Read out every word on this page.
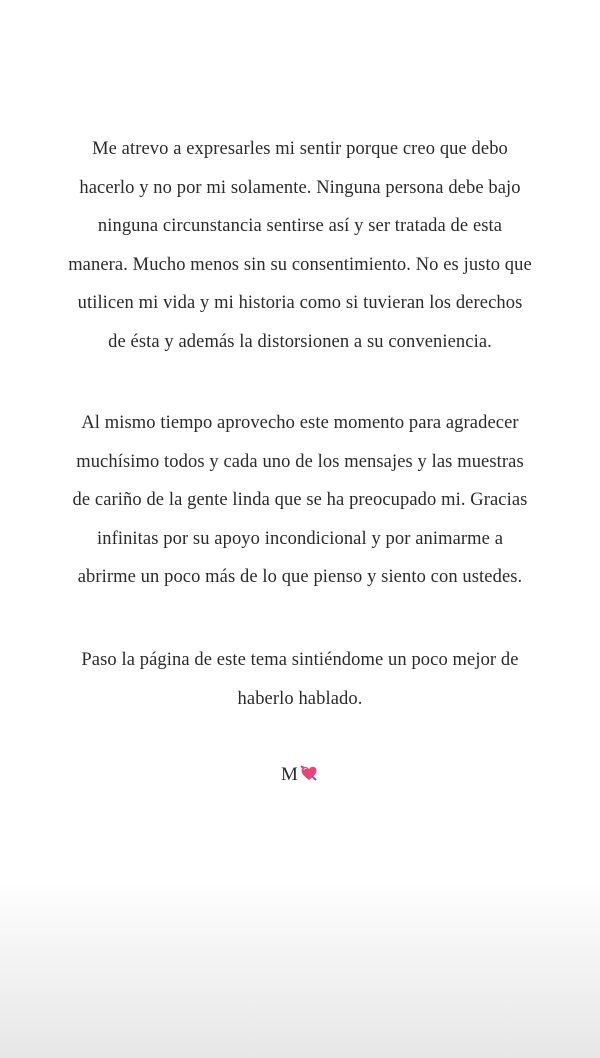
Me atrevo a expresarles mi sentir porque creo que debo
hacerlo y no por mi solamente. Ninguna persona debe bajo
ninguna circunstancia sentirse así y ser tratada de esta
manera. Mucho menos sin su consentimiento. No es justo que
utilicen mi vida y mi historia como si tuvieran los derechos
de ésta y además la distorsionen a su conveniencia.

Al mismo tiempo aprovecho este momento para agradecer
muchísimo todos y cada uno de los mensajes y las muestras
de cariño de la gente linda que se ha preocupado mi. Gracias
infinitas por su apoyo incondicional y por animarme a
abrirme un poco más de lo que pienso y siento con ustedes.

Paso la página de este tema sintiéndome un poco mejor de
haberlo hablado.

M
